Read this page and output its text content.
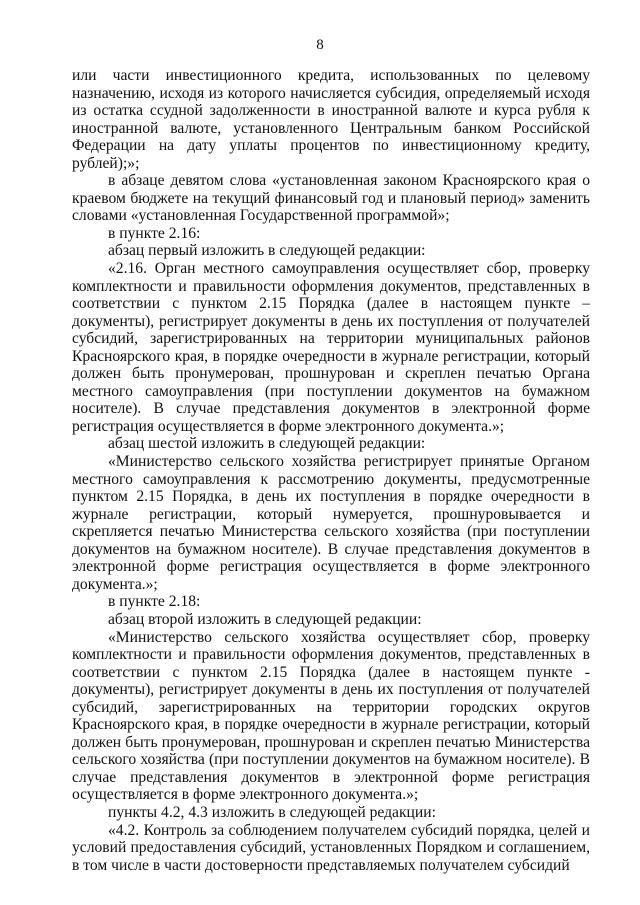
8

или части инвестиционного кредита, использованных по целевому назначению, исходя из которого начисляется субсидия, определяемый исходя из остатка ссудной задолженности в иностранной валюте и курса рубля к иностранной валюте, установленного Центральным банком Российской Федерации на дату уплаты процентов по инвестиционному кредиту, рублей);»;

в абзаце девятом слова «установленная законом Красноярского края о краевом бюджете на текущий финансовый год и плановый период» заменить словами «установленная Государственной программой»;

в пункте 2.16:

абзац первый изложить в следующей редакции:

«2.16. Орган местного самоуправления осуществляет сбор, проверку комплектности и правильности оформления документов, представленных в соответствии с пунктом 2.15 Порядка (далее в настоящем пункте – документы), регистрирует документы в день их поступления от получателей субсидий, зарегистрированных на территории муниципальных районов Красноярского края, в порядке очередности в журнале регистрации, который должен быть пронумерован, прошнурован и скреплен печатью Органа местного самоуправления (при поступлении документов на бумажном носителе). В случае представления документов в электронной форме регистрация осуществляется в форме электронного документа.»;

абзац шестой изложить в следующей редакции:

«Министерство сельского хозяйства регистрирует принятые Органом местного самоуправления к рассмотрению документы, предусмотренные пунктом 2.15 Порядка, в день их поступления в порядке очередности в журнале регистрации, который нумеруется, прошнуровывается и скрепляется печатью Министерства сельского хозяйства (при поступлении документов на бумажном носителе). В случае представления документов в электронной форме регистрация осуществляется в форме электронного документа.»;

в пункте 2.18:

абзац второй изложить в следующей редакции:

«Министерство сельского хозяйства осуществляет сбор, проверку комплектности и правильности оформления документов, представленных в соответствии с пунктом 2.15 Порядка (далее в настоящем пункте - документы), регистрирует документы в день их поступления от получателей субсидий, зарегистрированных на территории городских округов Красноярского края, в порядке очередности в журнале регистрации, который должен быть пронумерован, прошнурован и скреплен печатью Министерства сельского хозяйства (при поступлении документов на бумажном носителе). В случае представления документов в электронной форме регистрация осуществляется в форме электронного документа.»;

пункты 4.2, 4.3 изложить в следующей редакции:

«4.2. Контроль за соблюдением получателем субсидий порядка, целей и условий предоставления субсидий, установленных Порядком и соглашением, в том числе в части достоверности представляемых получателем субсидий
